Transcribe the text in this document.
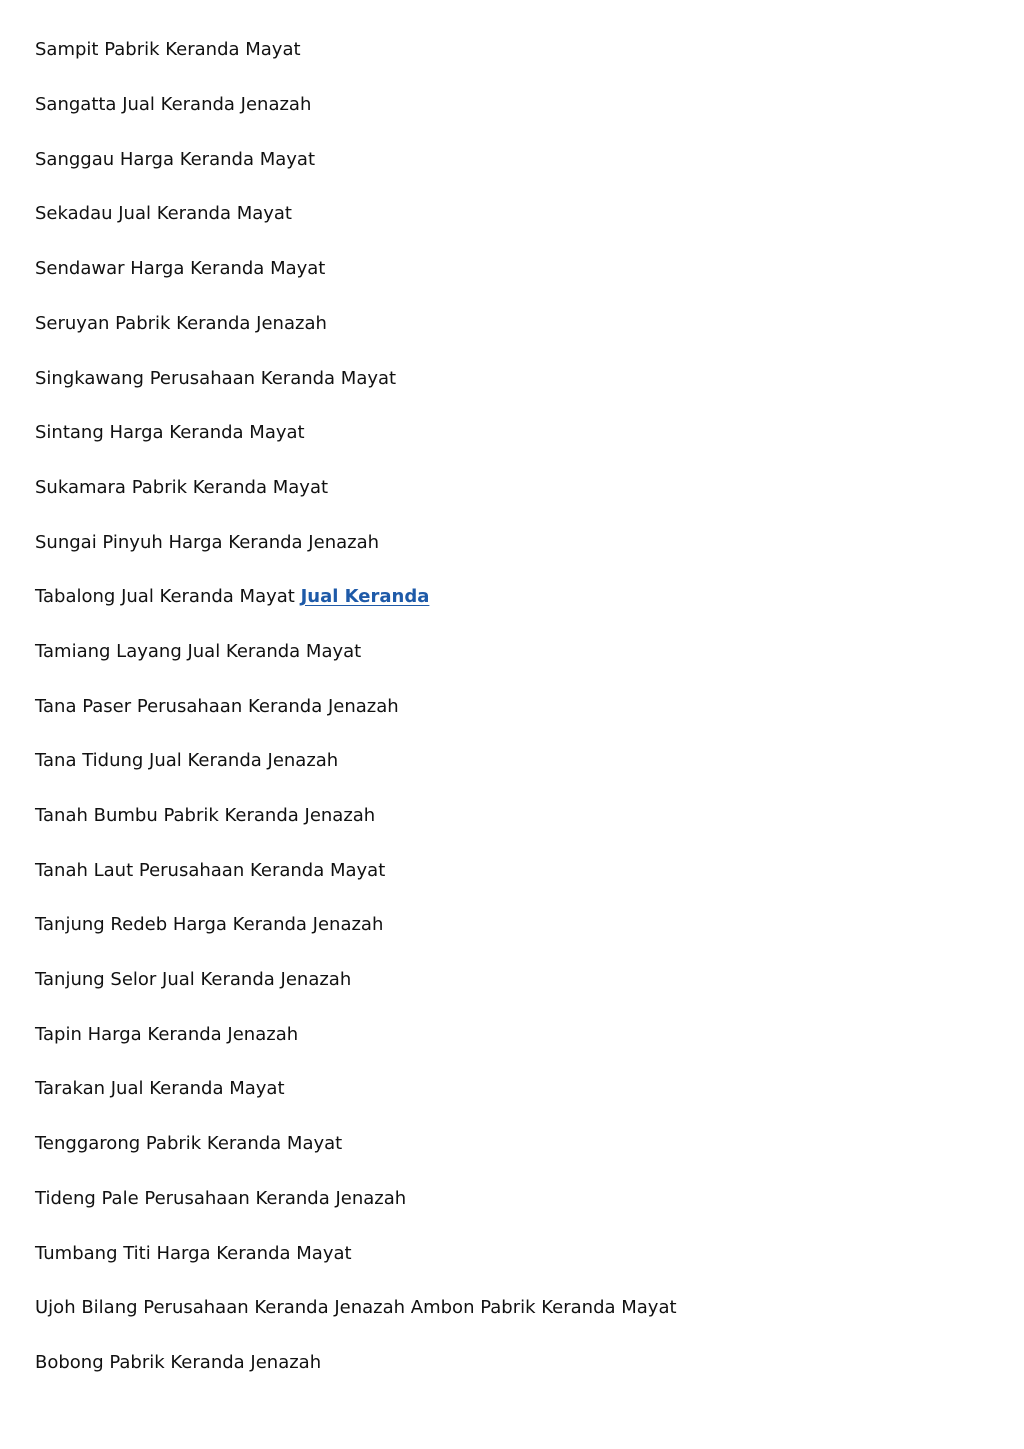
Sampit Pabrik Keranda Mayat
Sangatta Jual Keranda Jenazah
Sanggau Harga Keranda Mayat
Sekadau Jual Keranda Mayat
Sendawar Harga Keranda Mayat
Seruyan Pabrik Keranda Jenazah
Singkawang Perusahaan Keranda Mayat
Sintang Harga Keranda Mayat
Sukamara Pabrik Keranda Mayat
Sungai Pinyuh Harga Keranda Jenazah
Tabalong Jual Keranda Mayat Jual Keranda
Tamiang Layang Jual Keranda Mayat
Tana Paser Perusahaan Keranda Jenazah
Tana Tidung Jual Keranda Jenazah
Tanah Bumbu Pabrik Keranda Jenazah
Tanah Laut Perusahaan Keranda Mayat
Tanjung Redeb Harga Keranda Jenazah
Tanjung Selor Jual Keranda Jenazah
Tapin Harga Keranda Jenazah
Tarakan Jual Keranda Mayat
Tenggarong Pabrik Keranda Mayat
Tideng Pale Perusahaan Keranda Jenazah
Tumbang Titi Harga Keranda Mayat
Ujoh Bilang Perusahaan Keranda Jenazah Ambon Pabrik Keranda Mayat
Bobong Pabrik Keranda Jenazah
